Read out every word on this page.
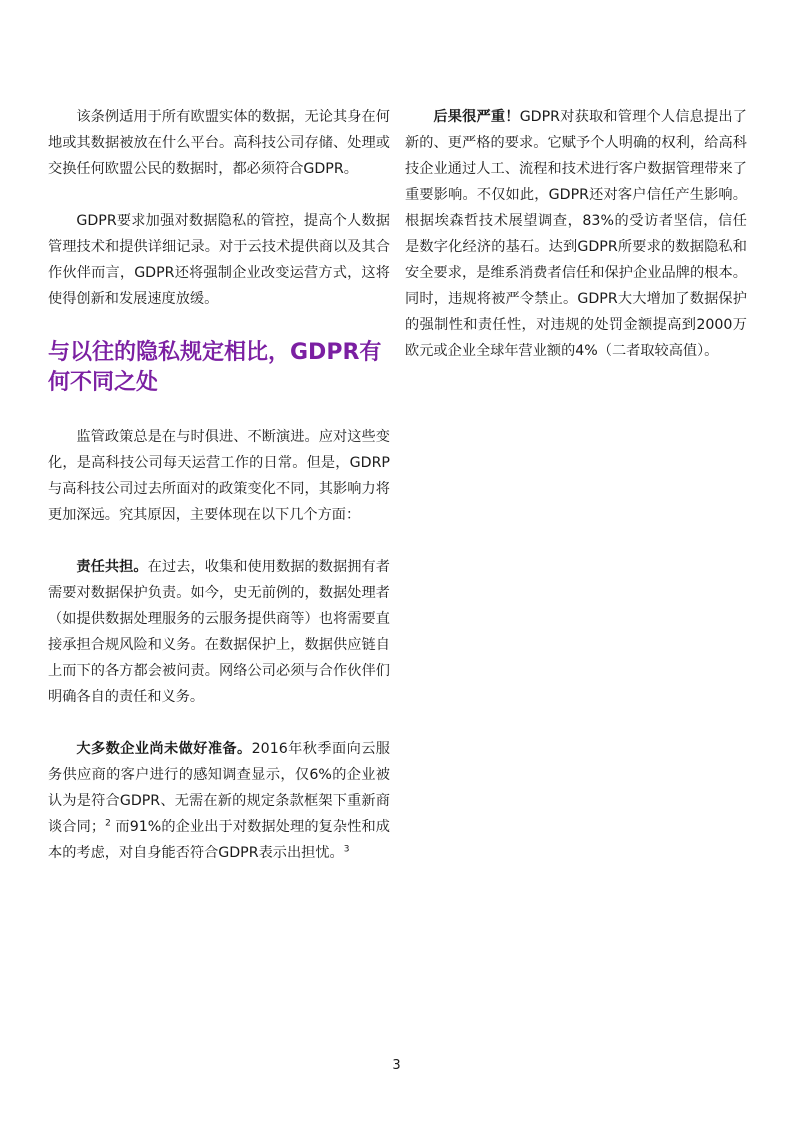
该条例适用于所有欧盟实体的数据，无论其身在何地或其数据被放在什么平台。高科技公司存储、处理或交换任何欧盟公民的数据时，都必须符合GDPR。

GDPR要求加强对数据隐私的管控，提高个人数据管理技术和提供详细记录。对于云技术提供商以及其合作伙伴而言，GDPR还将强制企业改变运营方式，这将使得创新和发展速度放缓。

与以往的隐私规定相比，GDPR有何不同之处

监管政策总是在与时俱进、不断演进。应对这些变化，是高科技公司每天运营工作的日常。但是，GDRP与高科技公司过去所面对的政策变化不同，其影响力将更加深远。究其原因，主要体现在以下几个方面：

责任共担。在过去，收集和使用数据的数据拥有者需要对数据保护负责。如今，史无前例的，数据处理者（如提供数据处理服务的云服务提供商等）也将需要直接承担合规风险和义务。在数据保护上，数据供应链自上而下的各方都会被问责。网络公司必须与合作伙伴们明确各自的责任和义务。

大多数企业尚未做好准备。2016年秋季面向云服务供应商的客户进行的感知调查显示，仅6%的企业被认为是符合GDPR、无需在新的规定条款框架下重新商谈合同；$^2$ 而91%的企业出于对数据处理的复杂性和成本的考虑，对自身能否符合GDPR表示出担忧。$^3$

后果很严重！GDPR对获取和管理个人信息提出了新的、更严格的要求。它赋予个人明确的权利，给高科技企业通过人工、流程和技术进行客户数据管理带来了重要影响。不仅如此，GDPR还对客户信任产生影响。根据埃森哲技术展望调查，83%的受访者坚信，信任是数字化经济的基石。达到GDPR所要求的数据隐私和安全要求，是维系消费者信任和保护企业品牌的根本。同时，违规将被严令禁止。GDPR大大增加了数据保护的强制性和责任性，对违规的处罚金额提高到2000万欧元或企业全球年营业额的4%（二者取较高值）。

3
